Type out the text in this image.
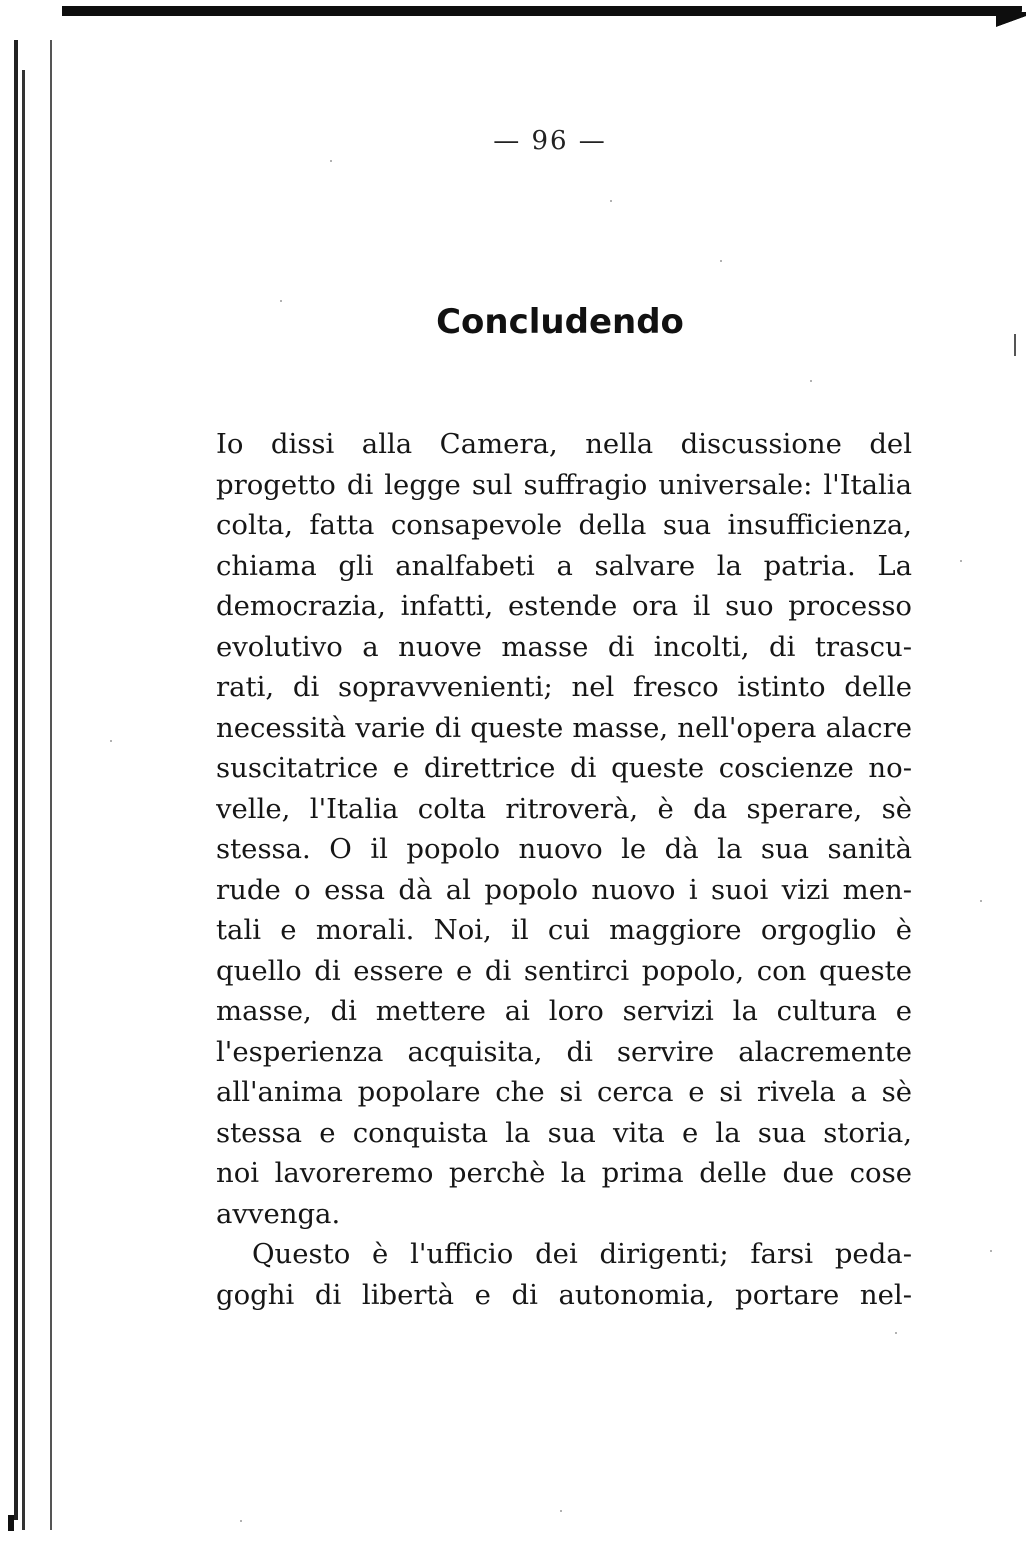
— 96 —
Concludendo
Io dissi alla Camera, nella discussione del
progetto di legge sul suffragio universale: l'Italia
colta, fatta consapevole della sua insufficienza,
chiama gli analfabeti a salvare la patria. La
democrazia, infatti, estende ora il suo processo
evolutivo a nuove masse di incolti, di trascu-
rati, di sopravvenienti; nel fresco istinto delle
necessità varie di queste masse, nell'opera alacre
suscitatrice e direttrice di queste coscienze no-
velle, l'Italia colta ritroverà, è da sperare, sè
stessa. O il popolo nuovo le dà la sua sanità
rude o essa dà al popolo nuovo i suoi vizi men-
tali e morali. Noi, il cui maggiore orgoglio è
quello di essere e di sentirci popolo, con queste
masse, di mettere ai loro servizi la cultura e
l'esperienza acquisita, di servire alacremente
all'anima popolare che si cerca e si rivela a sè
stessa e conquista la sua vita e la sua storia,
noi lavoreremo perchè la prima delle due cose
avvenga.
Questo è l'ufficio dei dirigenti; farsi peda-
goghi di libertà e di autonomia, portare nel-
